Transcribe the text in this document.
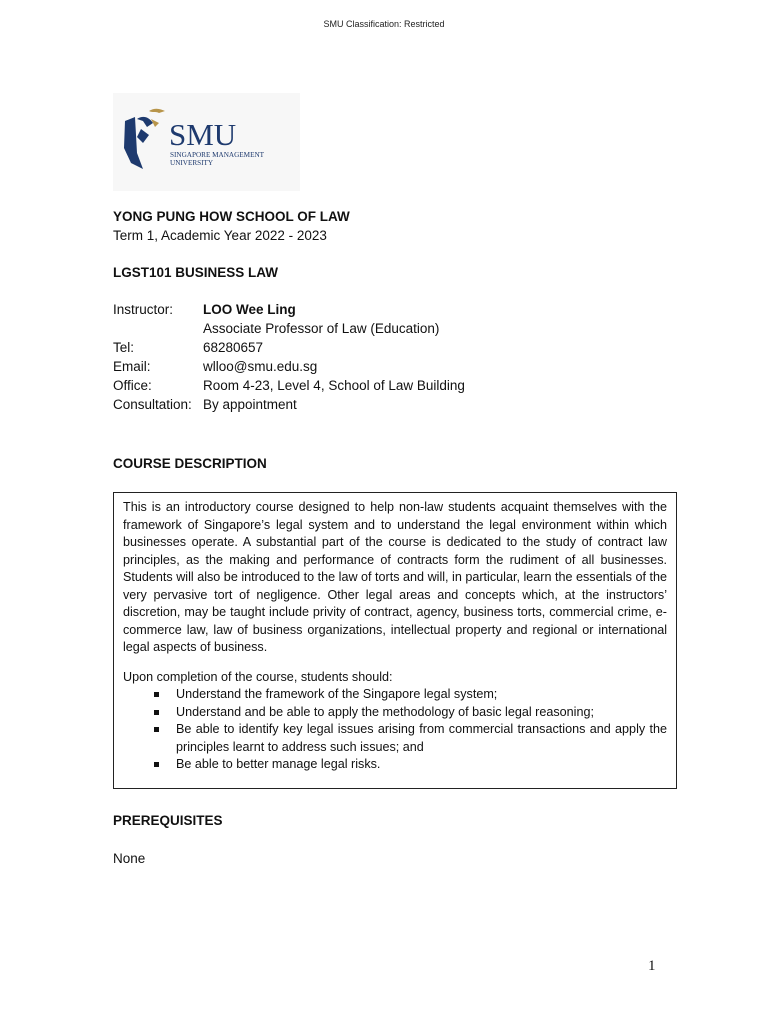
SMU Classification: Restricted
SMU
SINGAPORE MANAGEMENT
UNIVERSITY
YONG PUNG HOW SCHOOL OF LAW
Term 1, Academic Year 2022 - 2023
LGST101 BUSINESS LAW
Instructor:	LOO Wee Ling
Associate Professor of Law (Education)
Tel:	68280657
Email:	wlloo@smu.edu.sg
Office:	Room 4-23, Level 4, School of Law Building
Consultation: By appointment
COURSE DESCRIPTION

This is an introductory course designed to help non-law students acquaint themselves with the framework of Singapore’s legal system and to understand the legal environment within which businesses operate. A substantial part of the course is dedicated to the study of contract law principles, as the making and performance of contracts form the rudiment of all businesses. Students will also be introduced to the law of torts and will, in particular, learn the essentials of the very pervasive tort of negligence. Other legal areas and concepts which, at the instructors’ discretion, may be taught include privity of contract, agency, business torts, commercial crime, e-commerce law, law of business organizations, intellectual property and regional or international legal aspects of business.

Upon completion of the course, students should:

Understand the framework of the Singapore legal system;
Understand and be able to apply the methodology of basic legal reasoning;
Be able to identify key legal issues arising from commercial transactions and apply the principles learnt to address such issues; and
Be able to better manage legal risks.
PREREQUISITES
None
1
